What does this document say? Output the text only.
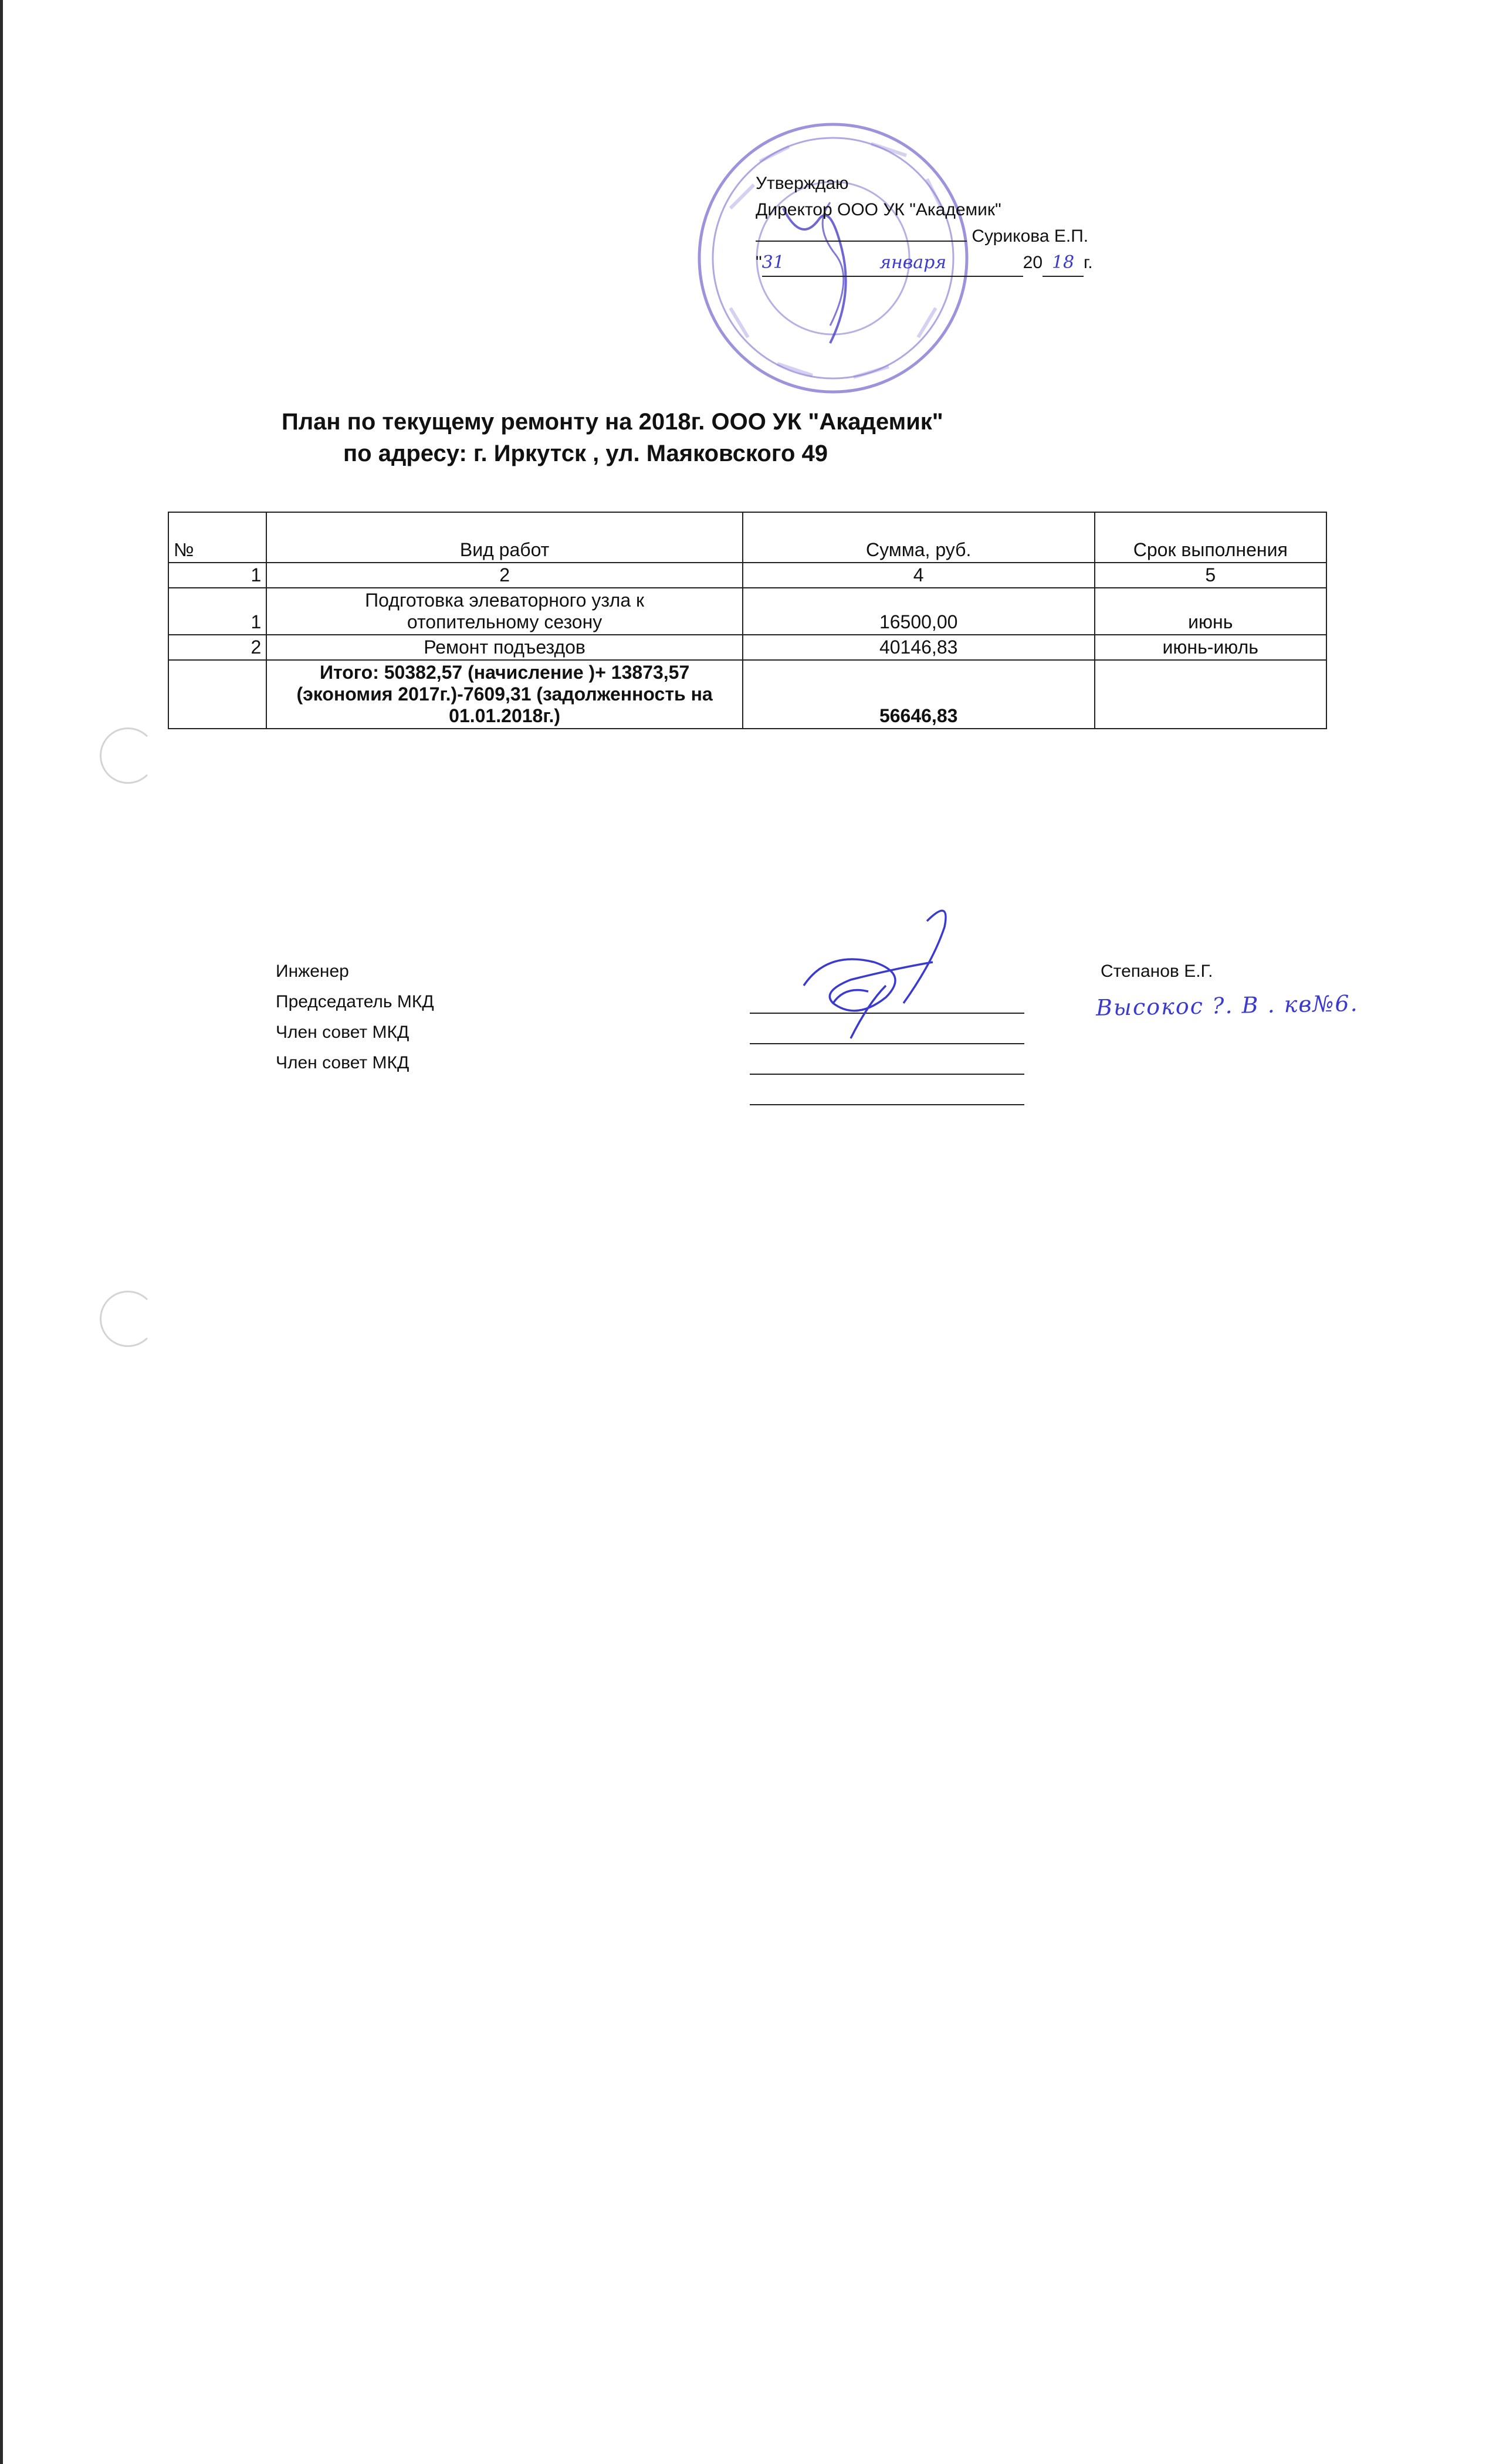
Утверждаю
Директор ООО УК "Академик"
Сурикова Е.П.
"31	января	20 18 г.
План по текущему ремонту на 2018г. ООО УК "Академик"
по адресу: г. Иркутск , ул. Маяковского 49
№	Вид работ	Сумма, руб.	Срок выполнения
1	2	4	5
1	Подготовка элеваторного узла к
отопительному сезону	16500,00	июнь
2	Ремонт подъездов	40146,83	июнь-июль

	Итого: 50382,57 (начисление )+ 13873,57
(экономия 2017г.)-7609,31 (задолженность на
01.01.2018г.)	56646,83	
Инженер
Председатель МКД
Член совет МКД
Член совет МКД
Степанов Е.Г.
Высокос ?. В . кв№6.
